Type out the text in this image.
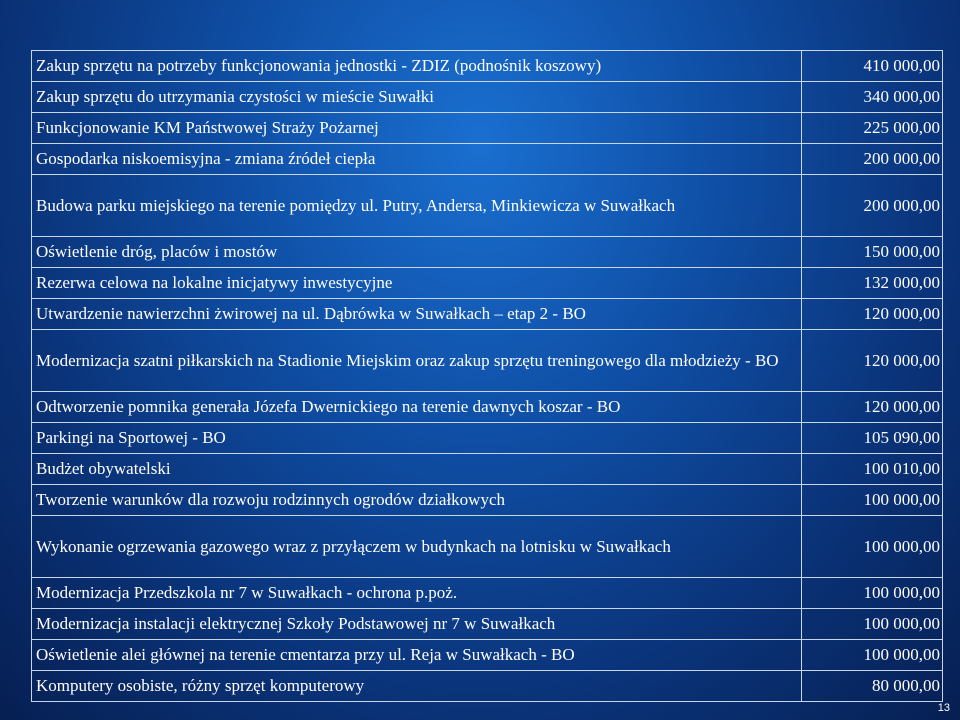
Zakup sprzętu na potrzeby funkcjonowania jednostki - ZDIZ (podnośnik koszowy)	410 000,00
Zakup sprzętu do utrzymania czystości w mieście Suwałki	340 000,00
Funkcjonowanie KM Państwowej Straży Pożarnej	225 000,00
Gospodarka niskoemisyjna - zmiana źródeł ciepła	200 000,00
Budowa parku miejskiego na terenie pomiędzy ul. Putry, Andersa, Minkiewicza w Suwałkach	200 000,00
Oświetlenie dróg, placów i mostów	150 000,00
Rezerwa celowa na lokalne inicjatywy inwestycyjne	132 000,00
Utwardzenie nawierzchni żwirowej na ul. Dąbrówka w Suwałkach – etap 2 - BO	120 000,00
Modernizacja szatni piłkarskich na Stadionie Miejskim oraz zakup sprzętu treningowego dla młodzieży - BO	120 000,00
Odtworzenie pomnika generała Józefa Dwernickiego na terenie dawnych koszar - BO	120 000,00
Parkingi na Sportowej - BO	105 090,00
Budżet obywatelski	100 010,00
Tworzenie warunków dla rozwoju rodzinnych ogrodów działkowych	100 000,00
Wykonanie ogrzewania gazowego wraz z przyłączem w budynkach na lotnisku w Suwałkach	100 000,00
Modernizacja Przedszkola nr 7 w Suwałkach - ochrona p.poż.	100 000,00
Modernizacja instalacji elektrycznej Szkoły Podstawowej nr 7 w Suwałkach	100 000,00
Oświetlenie alei głównej na terenie cmentarza przy ul. Reja w Suwałkach - BO	100 000,00
Komputery osobiste, różny sprzęt komputerowy	80 000,00
13
